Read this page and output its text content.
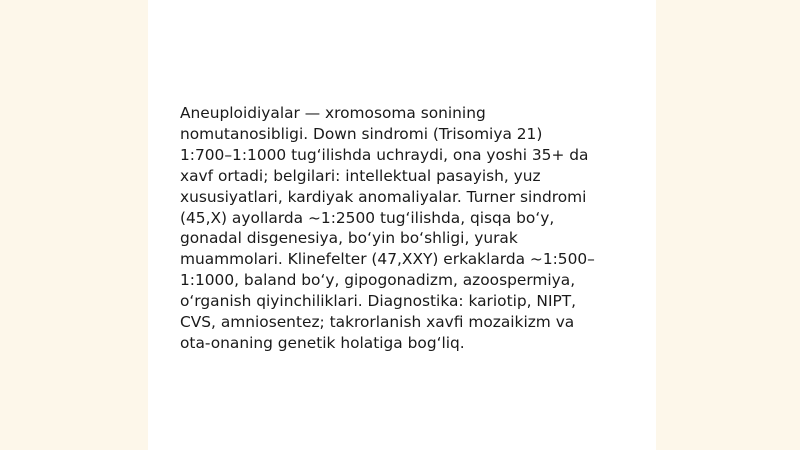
Aneuploidiyalar — xromosoma sonining
nomutanosibligi. Down sindromi (Trisomiya 21)
1:700–1:1000 tug‘ilishda uchraydi, ona yoshi 35+ da
xavf ortadi; belgilari: intellektual pasayish, yuz
xususiyatlari, kardiyak anomaliyalar. Turner sindromi
(45,X) ayollarda ~1:2500 tug‘ilishda, qisqa bo‘y,
gonadal disgenesiya, bo‘yin bo‘shligi, yurak
muammolari. Klinefelter (47,XXY) erkaklarda ~1:500–
1:1000, baland bo‘y, gipogonadizm, azoospermiya,
o‘rganish qiyinchiliklari. Diagnostika: kariotip, NIPT,
CVS, amniosentez; takrorlanish xavfi mozaikizm va
ota-onaning genetik holatiga bog‘liq.
